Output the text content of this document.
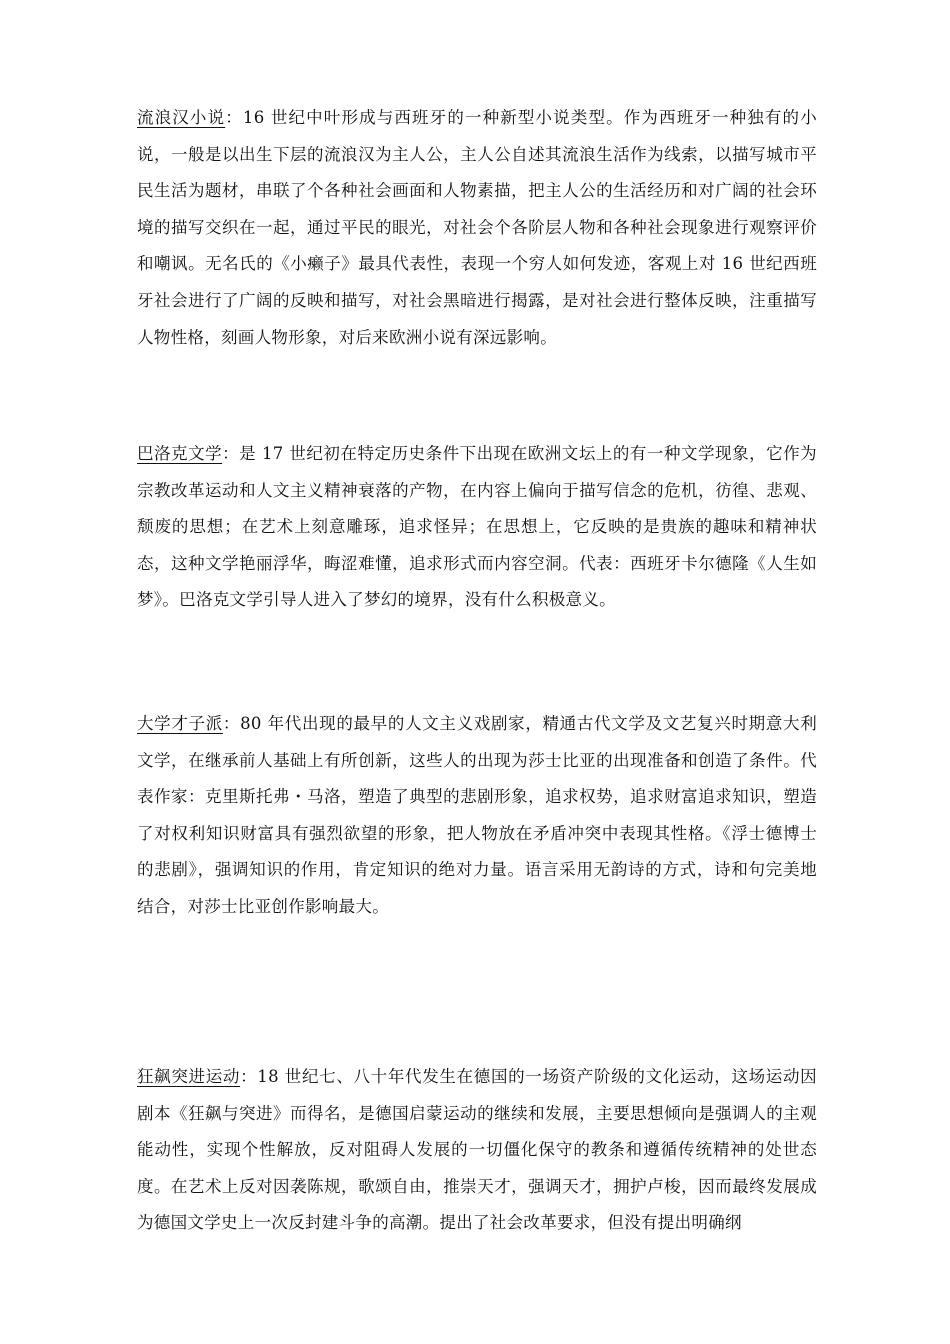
流浪汉小说：16 世纪中叶形成与西班牙的一种新型小说类型。作为西班牙一种独有的小说，一般是以出生下层的流浪汉为主人公，主人公自述其流浪生活作为线索，以描写城市平民生活为题材，串联了个各种社会画面和人物素描，把主人公的生活经历和对广阔的社会环境的描写交织在一起，通过平民的眼光，对社会个各阶层人物和各种社会现象进行观察评价和嘲讽。无名氏的《小癞子》最具代表性，表现一个穷人如何发迹，客观上对 16 世纪西班牙社会进行了广阔的反映和描写，对社会黑暗进行揭露，是对社会进行整体反映，注重描写人物性格，刻画人物形象，对后来欧洲小说有深远影响。

巴洛克文学：是 17 世纪初在特定历史条件下出现在欧洲文坛上的有一种文学现象，它作为宗教改革运动和人文主义精神衰落的产物，在内容上偏向于描写信念的危机，彷徨、悲观、颓废的思想；在艺术上刻意雕琢，追求怪异；在思想上，它反映的是贵族的趣味和精神状态，这种文学艳丽浮华，晦涩难懂，追求形式而内容空洞。代表：西班牙卡尔德隆《人生如梦》。巴洛克文学引导人进入了梦幻的境界，没有什么积极意义。

大学才子派：80 年代出现的最早的人文主义戏剧家，精通古代文学及文艺复兴时期意大利文学，在继承前人基础上有所创新，这些人的出现为莎士比亚的出现准备和创造了条件。代表作家：克里斯托弗・马洛，塑造了典型的悲剧形象，追求权势，追求财富追求知识，塑造了对权利知识财富具有强烈欲望的形象，把人物放在矛盾冲突中表现其性格。《浮士德博士的悲剧》，强调知识的作用，肯定知识的绝对力量。语言采用无韵诗的方式，诗和句完美地结合，对莎士比亚创作影响最大。

狂飙突进运动：18 世纪七、八十年代发生在德国的一场资产阶级的文化运动，这场运动因剧本《狂飙与突进》而得名，是德国启蒙运动的继续和发展，主要思想倾向是强调人的主观能动性，实现个性解放，反对阻碍人发展的一切僵化保守的教条和遵循传统精神的处世态度。在艺术上反对因袭陈规，歌颂自由，推崇天才，强调天才，拥护卢梭，因而最终发展成为德国文学史上一次反封建斗争的高潮。提出了社会改革要求，但没有提出明确纲
